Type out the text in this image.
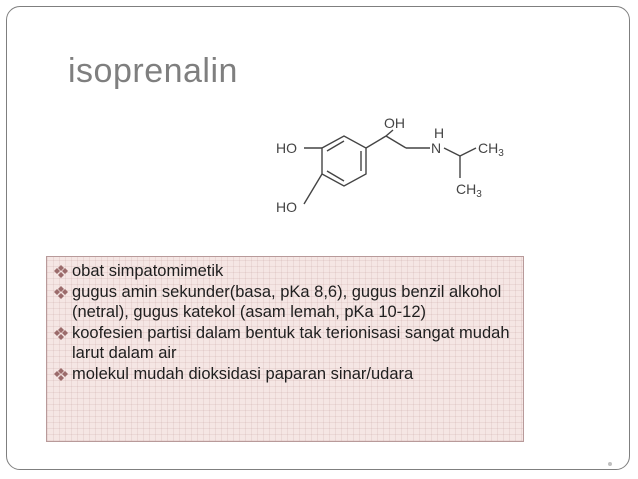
isoprenalin
OH
H
N	$CH_3$
$CH_3$
HO
HO
obat simpatomimetik
gugus amin sekunder(basa, pKa 8,6), gugus benzil alkohol (netral), gugus katekol (asam lemah, pKa 10-12)
koofesien partisi dalam bentuk tak terionisasi sangat mudah larut dalam air
molekul mudah dioksidasi paparan sinar/udara
